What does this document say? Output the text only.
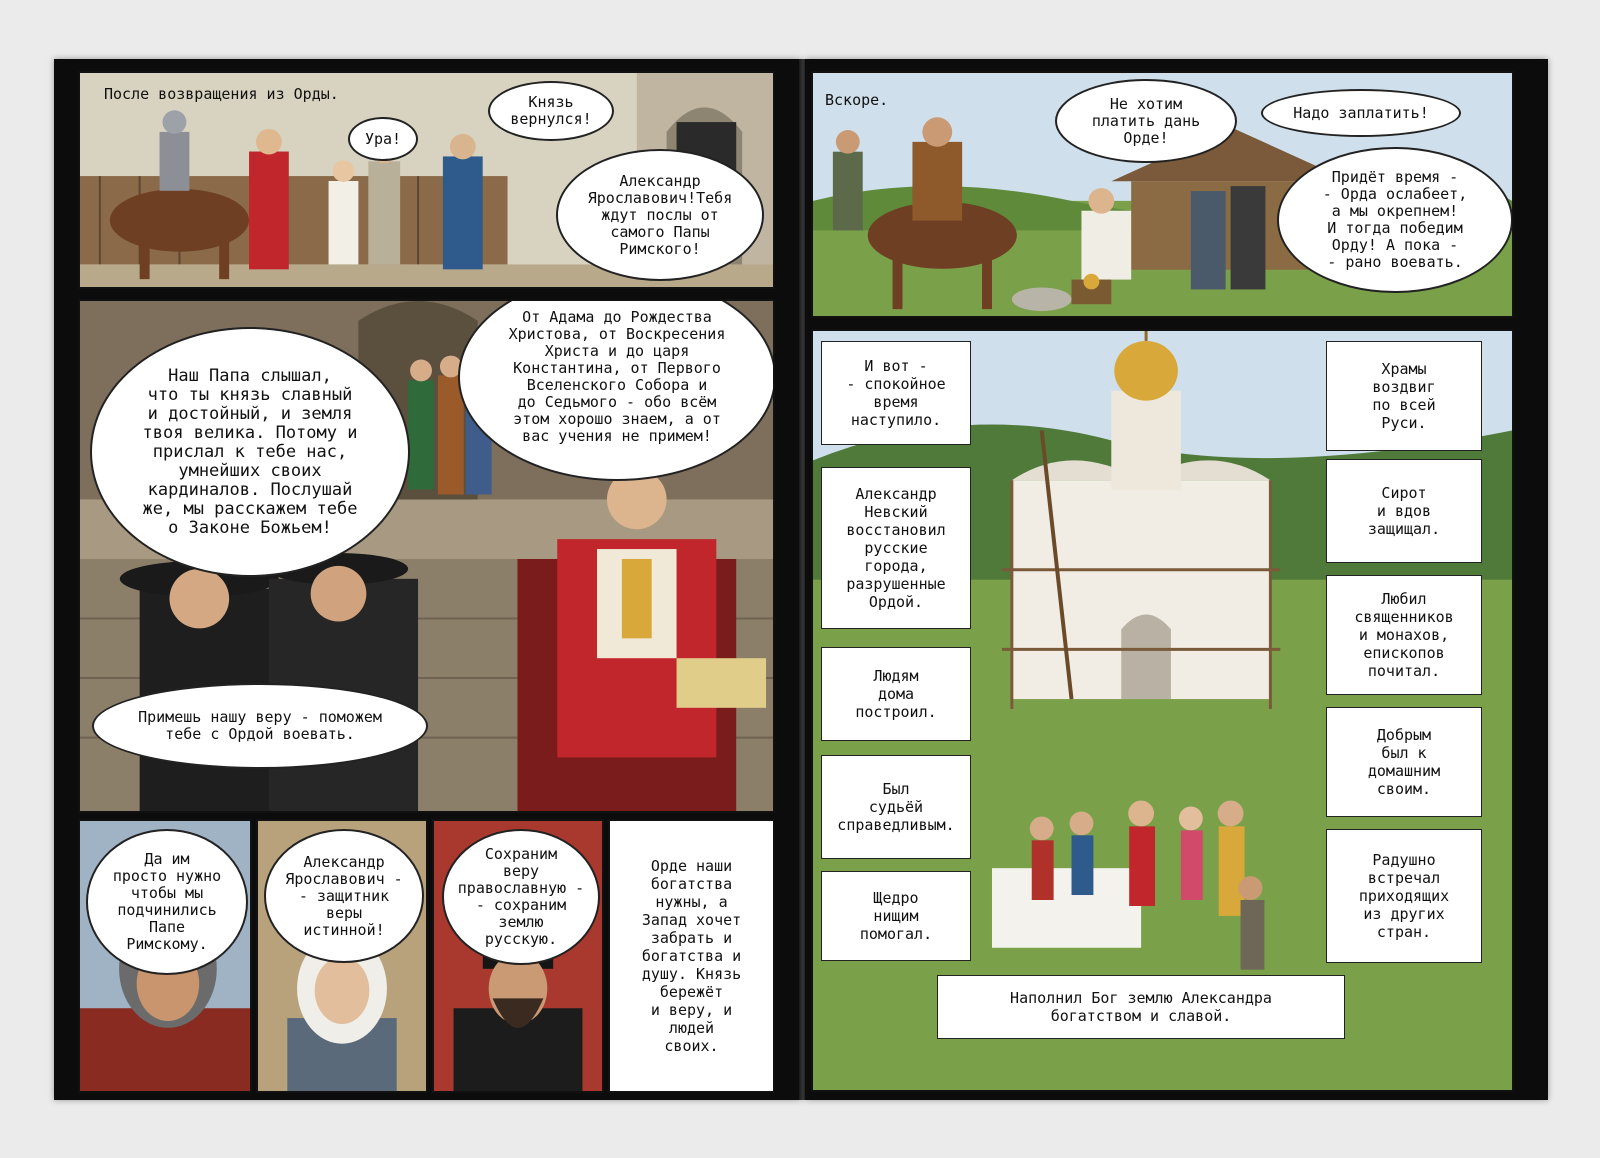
После возвращения из Орды.
Ура!
Князь
вернулся!
Александр
Ярославович!Тебя
ждут послы от
самого Папы
Римского!
Наш Папа слышал,
что ты князь славный
и достойный, и земля
твоя велика. Потому и
прислал к тебе нас,
умнейших своих
кардиналов. Послушай
же, мы расскажем тебе
о Законе Божьем!
От Адама до Рождества
Христова, от Воскресения
Христа и до царя
Константина, от Первого
Вселенского Собора и
до Седьмого - обо всём
этом хорошо знаем, а от
вас учения не примем!
Примешь нашу веру - поможем
тебе с Ордой воевать.
Да им
просто нужно
чтобы мы
подчинились
Папе
Римскому.
Александр
Ярославович -
- защитник
веры
истинной!
Сохраним
веру
православную -
- сохраним
землю
русскую.
Орде наши
богатства
нужны, а
Запад хочет
забрать и
богатства и
душу. Князь
бережёт
и веру, и
людей
своих.
Вскоре.	Не хотим
платить дань
Орде!
Надо заплатить!
Придёт время -
- Орда ослабеет,
а мы окрепнем!
И тогда победим
Орду! А пока -
- рано воевать.
И вот -
- спокойное
время
наступило.
Александр
Невский
восстановил
русские
города,
разрушенные
Ордой.
Людям
дома
построил.
Был
судьёй
справедливым.
Щедро
нищим
помогал.
Храмы
воздвиг
по всей
Руси.
Сирот
и вдов
защищал.
Любил
священников
и монахов,
епископов
почитал.
Добрым
был к
домашним
своим.
Радушно
встречал
приходящих
из других
стран.
Наполнил Бог землю Александра
богатством и славой.
